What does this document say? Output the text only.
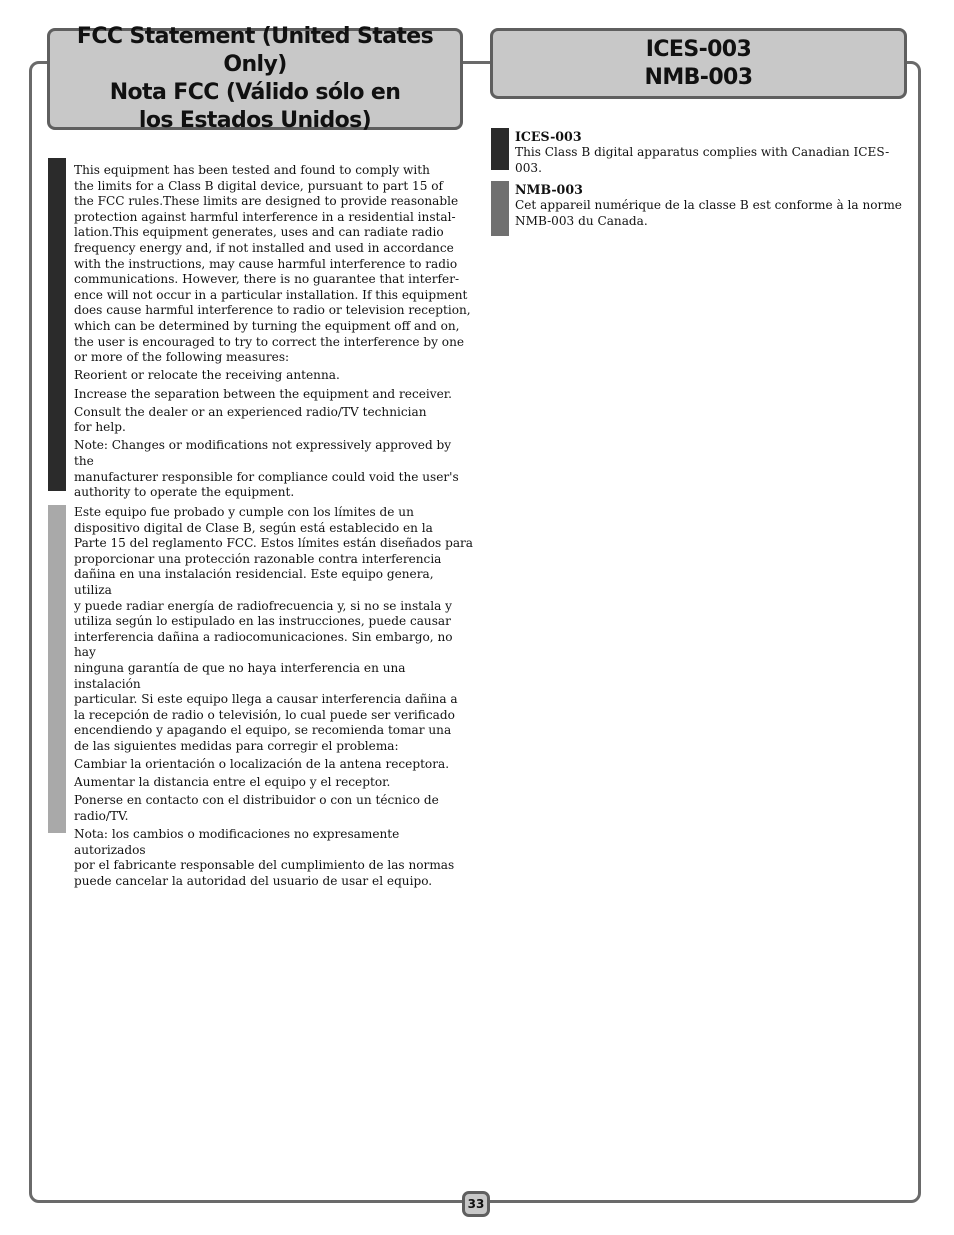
FCC Statement (United States Only)
Nota FCC (Válido sólo en
los Estados Unidos)
ICES-003
NMB-003

This equipment has been tested and found to comply with
the limits for a Class B digital device, pursuant to part 15 of
the FCC rules.These limits are designed to provide reasonable
protection against harmful interference in a residential instal-
lation.This equipment generates, uses and can radiate radio
frequency energy and, if not installed and used in accordance
with the instructions, may cause harmful interference to radio
communications. However, there is no guarantee that interfer-
ence will not occur in a particular installation. If this equipment
does cause harmful interference to radio or television reception,
which can be determined by turning the equipment off and on,
the user is encouraged to try to correct the interference by one
or more of the following measures:

Reorient or relocate the receiving antenna.

Increase the separation between the equipment and receiver.

Consult the dealer or an experienced radio/TV technician
for help.

Note: Changes or modifications not expressively approved by the
manufacturer responsible for compliance could void the user's
authority to operate the equipment.

Este equipo fue probado y cumple con los límites de un
dispositivo digital de Clase B, según está establecido en la
Parte 15 del reglamento FCC. Estos límites están diseñados para
proporcionar una protección razonable contra interferencia
dañina en una instalación residencial. Este equipo genera, utiliza
y puede radiar energía de radiofrecuencia y, si no se instala y
utiliza según lo estipulado en las instrucciones, puede causar
interferencia dañina a radiocomunicaciones. Sin embargo, no hay
ninguna garantía de que no haya interferencia en una instalación
particular. Si este equipo llega a causar interferencia dañina a
la recepción de radio o televisión, lo cual puede ser verificado
encendiendo y apagando el equipo, se recomienda tomar una
de las siguientes medidas para corregir el problema:

Cambiar la orientación o localización de la antena receptora.

Aumentar la distancia entre el equipo y el receptor.

Ponerse en contacto con el distribuidor o con un técnico de
radio/TV.

Nota: los cambios o modificaciones no expresamente autorizados
por el fabricante responsable del cumplimiento de las normas
puede cancelar la autoridad del usuario de usar el equipo.

ICES-003

This Class B digital apparatus complies with Canadian ICES-003.

NMB-003

Cet appareil numérique de la classe B est conforme à la norme
NMB-003 du Canada.

33
